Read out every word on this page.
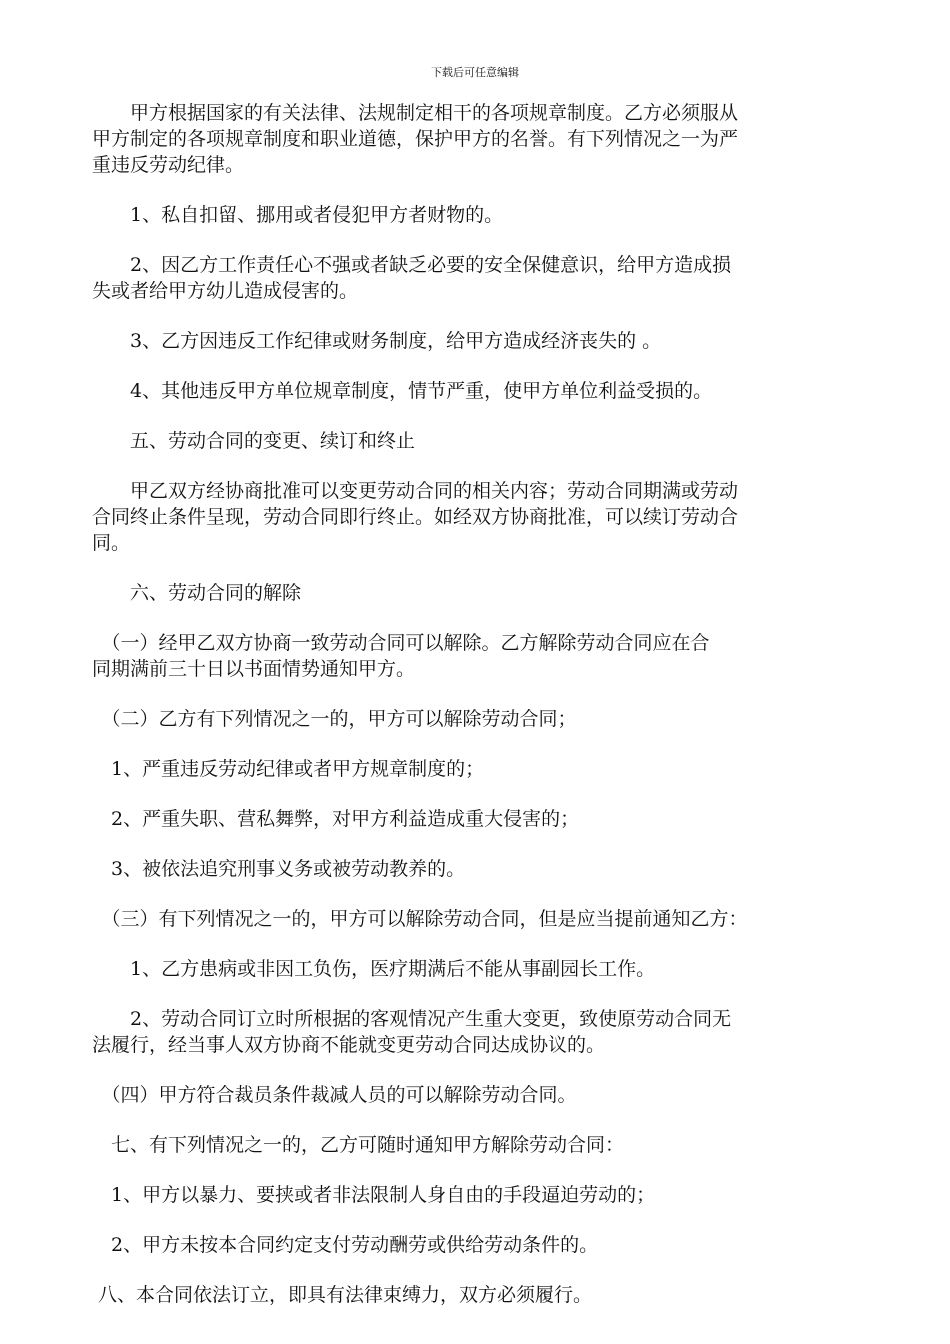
下载后可任意编辑
　　甲方根据国家的有关法律、法规制定相干的各项规章制度。乙方必须服从
甲方制定的各项规章制度和职业道德，保护甲方的名誉。有下列情况之一为严
重违反劳动纪律。
　　1、私自扣留、挪用或者侵犯甲方者财物的。
　　2、因乙方工作责任心不强或者缺乏必要的安全保健意识，给甲方造成损
失或者给甲方幼儿造成侵害的。
　　3、乙方因违反工作纪律或财务制度，给甲方造成经济丧失的 。
　　4、其他违反甲方单位规章制度，情节严重，使甲方单位利益受损的。
　　五、劳动合同的变更、续订和终止
　　甲乙双方经协商批准可以变更劳动合同的相关内容；劳动合同期满或劳动
合同终止条件呈现，劳动合同即行终止。如经双方协商批准，可以续订劳动合
同。
　　六、劳动合同的解除
　（一）经甲乙双方协商一致劳动合同可以解除。乙方解除劳动合同应在合
同期满前三十日以书面情势通知甲方。
　（二）乙方有下列情况之一的，甲方可以解除劳动合同；
　1、严重违反劳动纪律或者甲方规章制度的；
　2、严重失职、营私舞弊，对甲方利益造成重大侵害的；
　3、被依法追究刑事义务或被劳动教养的。
　（三）有下列情况之一的，甲方可以解除劳动合同，但是应当提前通知乙方：
　　1、乙方患病或非因工负伤，医疗期满后不能从事副园长工作。
　　2、劳动合同订立时所根据的客观情况产生重大变更，致使原劳动合同无
法履行，经当事人双方协商不能就变更劳动合同达成协议的。
　（四）甲方符合裁员条件裁减人员的可以解除劳动合同。
　七、有下列情况之一的，乙方可随时通知甲方解除劳动合同：
　1、甲方以暴力、要挟或者非法限制人身自由的手段逼迫劳动的；
　2、甲方未按本合同约定支付劳动酬劳或供给劳动条件的。
八、本合同依法订立，即具有法律束缚力，双方必须履行。
